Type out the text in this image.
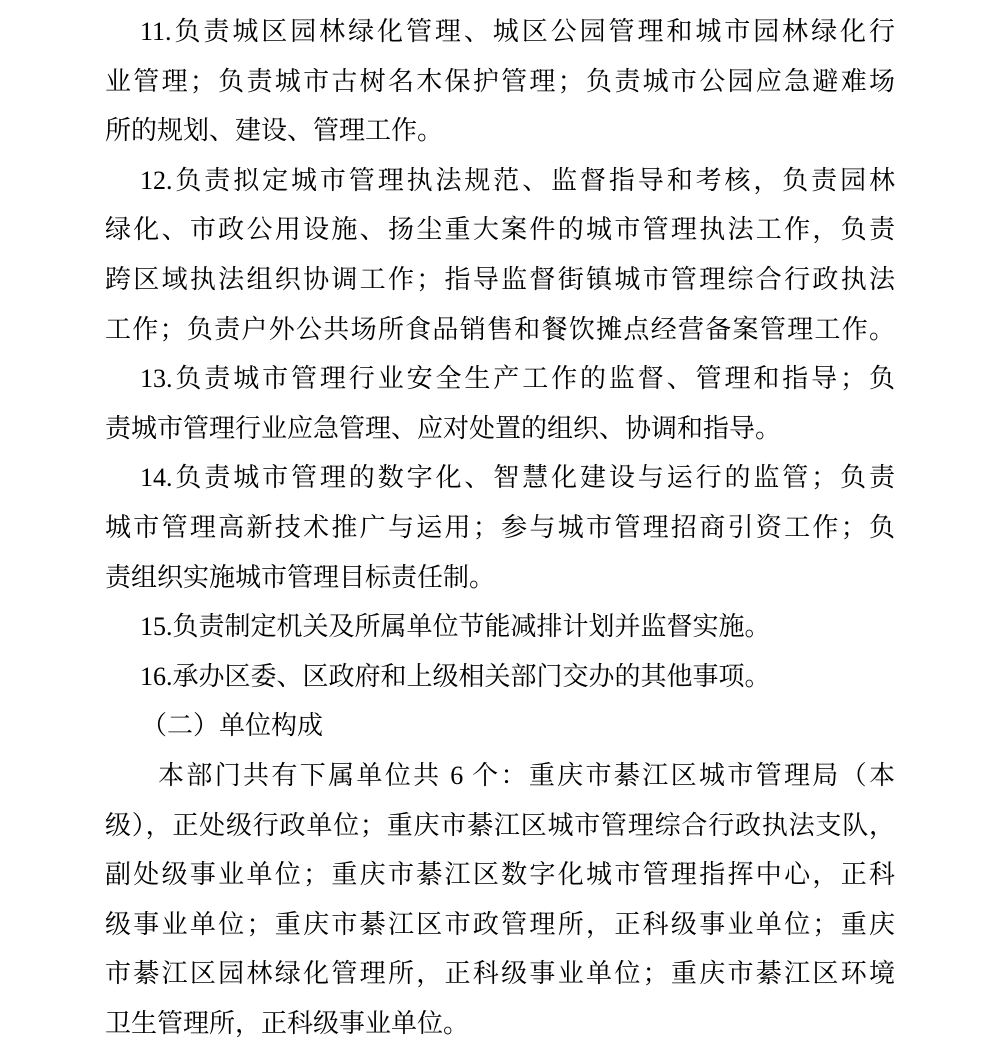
11.负责城区园林绿化管理、城区公园管理和城市园林绿化行
业管理；负责城市古树名木保护管理；负责城市公园应急避难场
所的规划、建设、管理工作。
12.负责拟定城市管理执法规范、监督指导和考核，负责园林
绿化、市政公用设施、扬尘重大案件的城市管理执法工作，负责
跨区域执法组织协调工作；指导监督街镇城市管理综合行政执法
工作；负责户外公共场所食品销售和餐饮摊点经营备案管理工作。
13.负责城市管理行业安全生产工作的监督、管理和指导；负
责城市管理行业应急管理、应对处置的组织、协调和指导。
14.负责城市管理的数字化、智慧化建设与运行的监管；负责
城市管理高新技术推广与运用；参与城市管理招商引资工作；负
责组织实施城市管理目标责任制。
15.负责制定机关及所属单位节能减排计划并监督实施。
16.承办区委、区政府和上级相关部门交办的其他事项。
（二）单位构成
本部门共有下属单位共 6 个：重庆市綦江区城市管理局（本
级），正处级行政单位；重庆市綦江区城市管理综合行政执法支队，
副处级事业单位；重庆市綦江区数字化城市管理指挥中心，正科
级事业单位；重庆市綦江区市政管理所，正科级事业单位；重庆
市綦江区园林绿化管理所，正科级事业单位；重庆市綦江区环境
卫生管理所，正科级事业单位。
